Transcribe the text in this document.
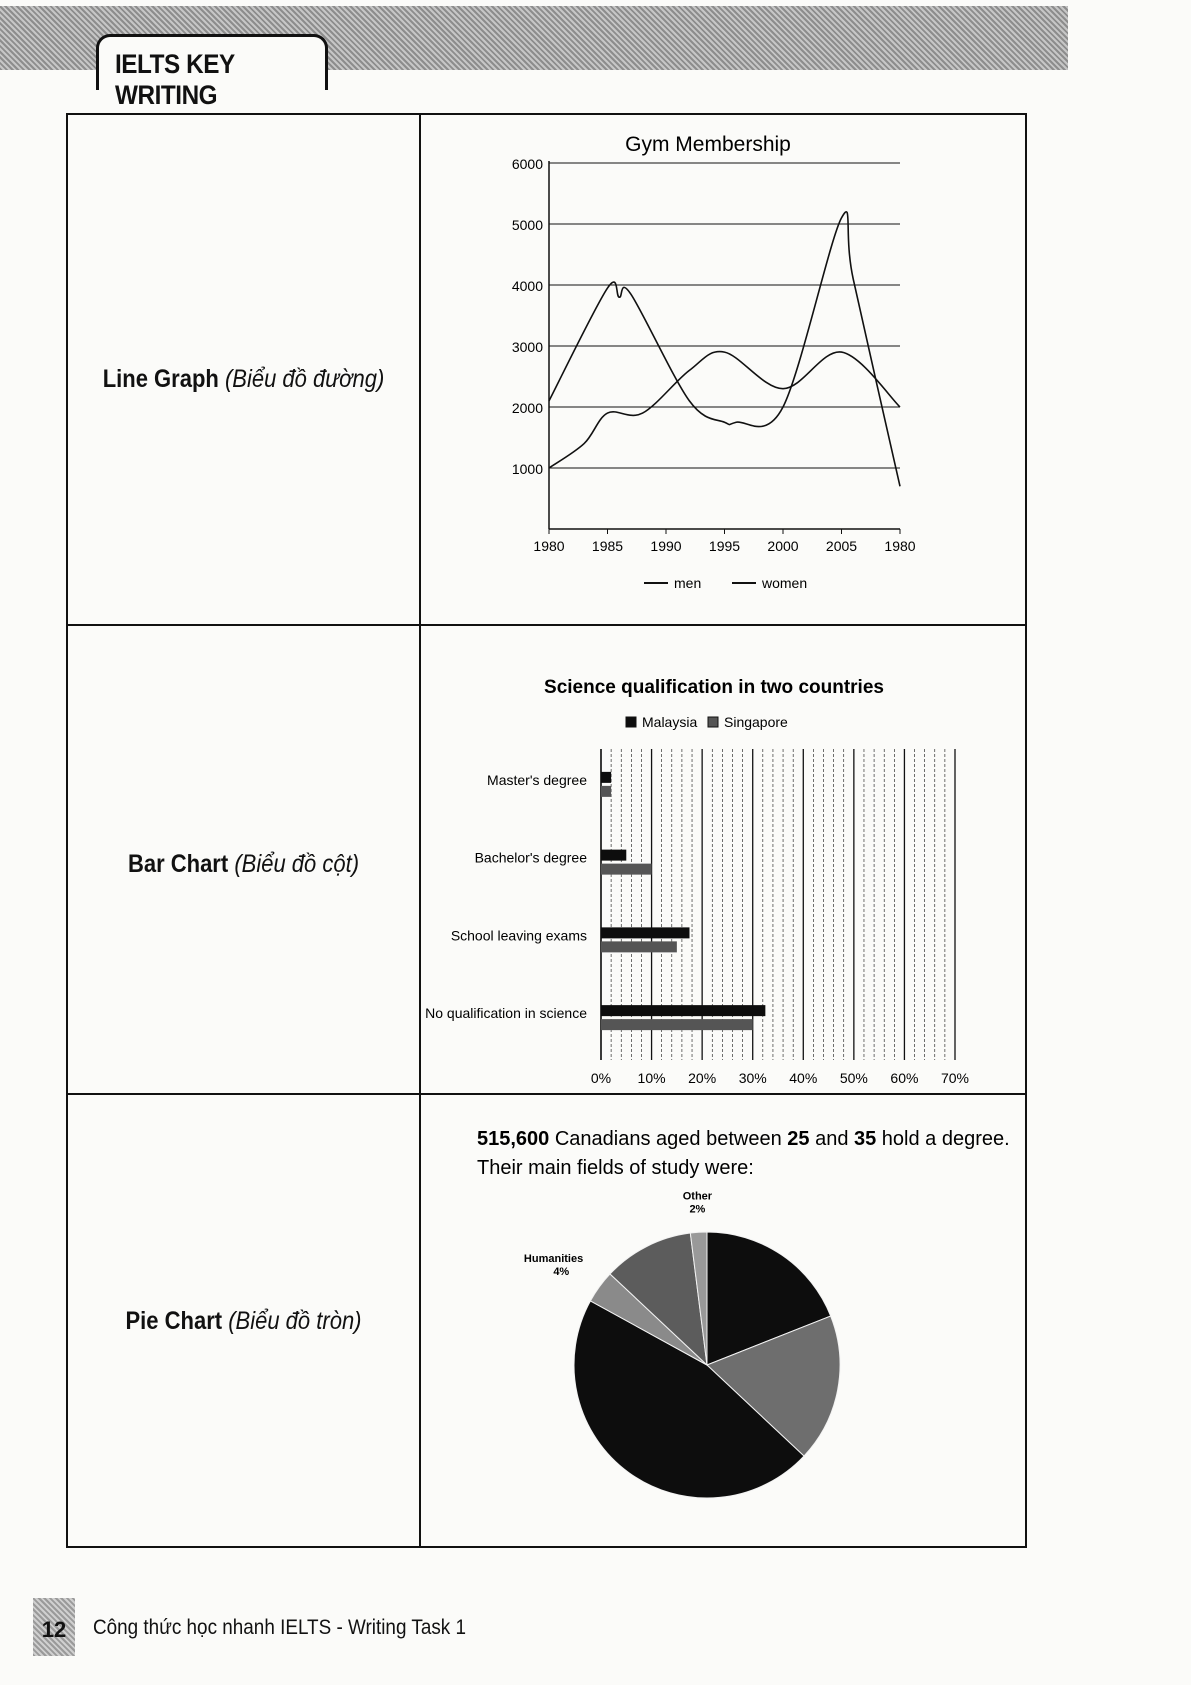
IELTS KEY WRITING
Line Graph (Biểu đồ đường)
Bar Chart (Biểu đồ cột)
Pie Chart (Biểu đồ tròn)
Gym Membership
1000
2000
3000
4000
5000
6000
1980 1985 1990 1995 2000 2005 1980
men	women
Science qualification in two countries
Malaysia Singapore
Master's degree
Bachelor's degree
School leaving exams
No qualification in science
0% 10% 20% 30% 40% 50% 60% 70%
515,600 Canadians aged between 25 and 35 hold a degree.
Their main fields of study were:
Humanities
4%
Other
2%
12	Công thức học nhanh IELTS - Writing Task 1
